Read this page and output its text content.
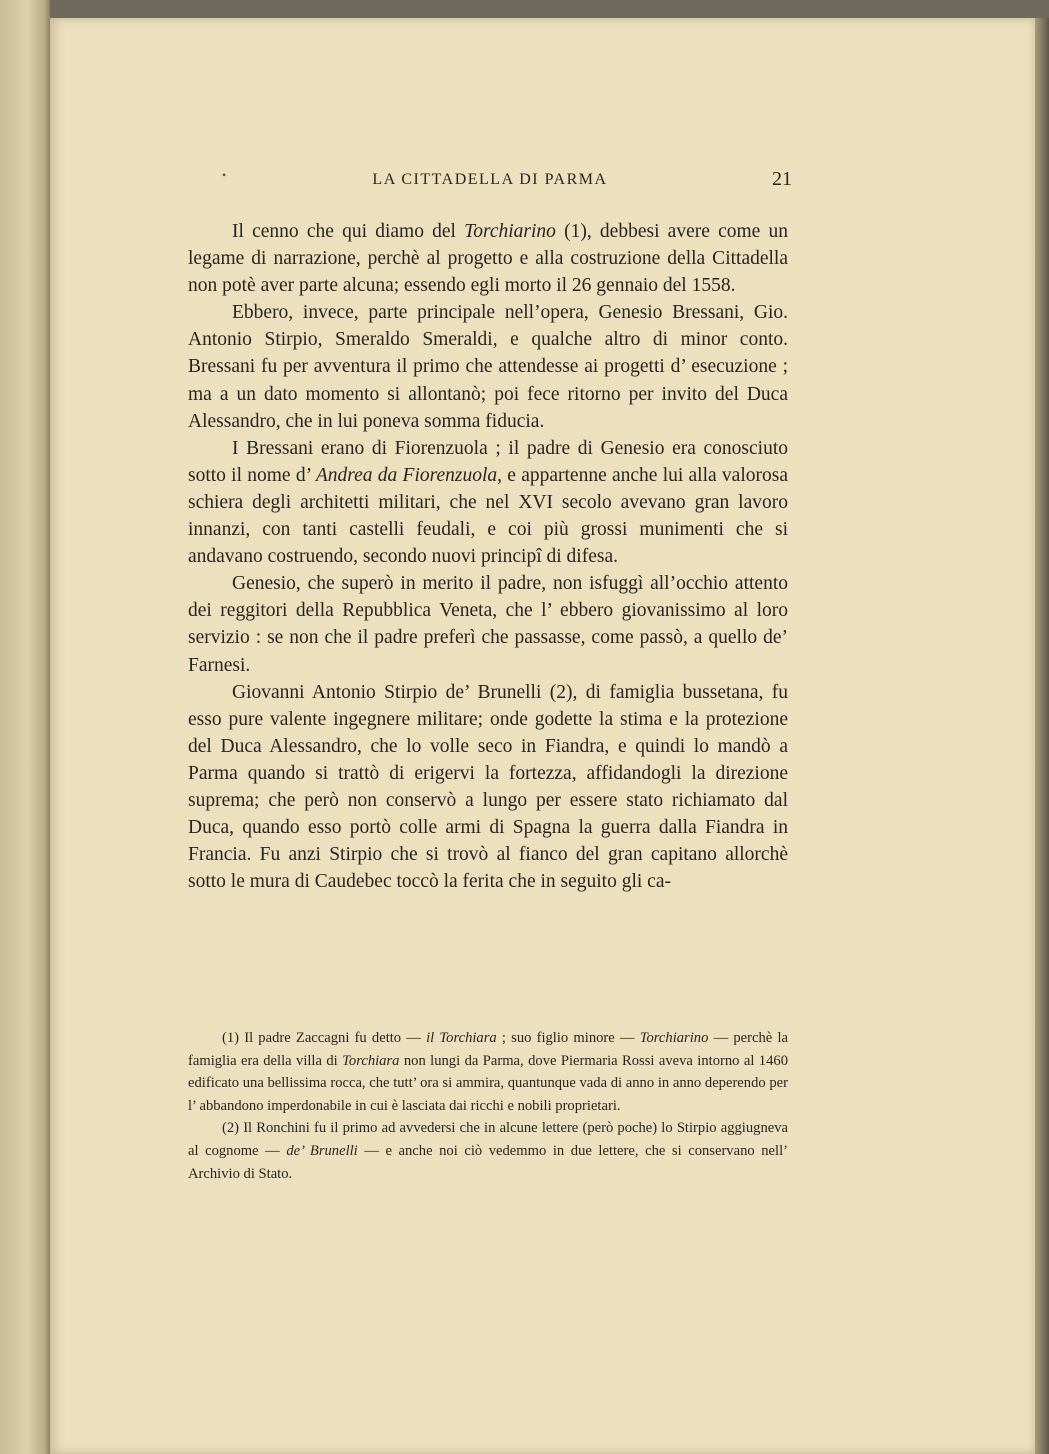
•	LA CITTADELLA DI PARMA	21

Il cenno che qui diamo del Torchiarino (1), debbesi avere come un legame di narrazione, perchè al progetto e alla costruzione della Cittadella non potè aver parte alcuna; essendo egli morto il 26 gennaio del 1558.

Ebbero, invece, parte principale nell’opera, Genesio Bressani, Gio. Antonio Stirpio, Smeraldo Smeraldi, e qualche altro di minor conto. Bressani fu per avventura il primo che attendesse ai progetti d’ esecuzione ; ma a un dato momento si allontanò; poi fece ritorno per invito del Duca Alessandro, che in lui poneva somma fiducia.

I Bressani erano di Fiorenzuola ; il padre di Genesio era conosciuto sotto il nome d’ Andrea da Fiorenzuola, e appartenne anche lui alla valorosa schiera degli architetti militari, che nel XVI secolo avevano gran lavoro innanzi, con tanti castelli feudali, e coi più grossi munimenti che si andavano costruendo, secondo nuovi principî di difesa.

Genesio, che superò in merito il padre, non isfuggì all’occhio attento dei reggitori della Repubblica Veneta, che l’ ebbero giovanissimo al loro servizio : se non che il padre preferì che passasse, come passò, a quello de’ Farnesi.

Giovanni Antonio Stirpio de’ Brunelli (2), di famiglia bussetana, fu esso pure valente ingegnere militare; onde godette la stima e la protezione del Duca Alessandro, che lo volle seco in Fiandra, e quindi lo mandò a Parma quando si trattò di erigervi la fortezza, affidandogli la direzione suprema; che però non conservò a lungo per essere stato richiamato dal Duca, quando esso portò colle armi di Spagna la guerra dalla Fiandra in Francia. Fu anzi Stirpio che si trovò al fianco del gran capitano allorchè sotto le mura di Caudebec toccò la ferita che in seguito gli ca-

(1) Il padre Zaccagni fu detto — il Torchiara ; suo figlio minore — Torchiarino — perchè la famiglia era della villa di Torchiara non lungi da Parma, dove Piermaria Rossi aveva intorno al 1460 edificato una bellissima rocca, che tutt’ ora si ammira, quantunque vada di anno in anno deperendo per l’ abbandono imperdonabile in cui è lasciata dai ricchi e nobili proprietari.

(2) Il Ronchini fu il primo ad avvedersi che in alcune lettere (però poche) lo Stirpio aggiugneva al cognome — de’ Brunelli — e anche noi ciò vedemmo in due lettere, che si conservano nell’ Archivio di Stato.
